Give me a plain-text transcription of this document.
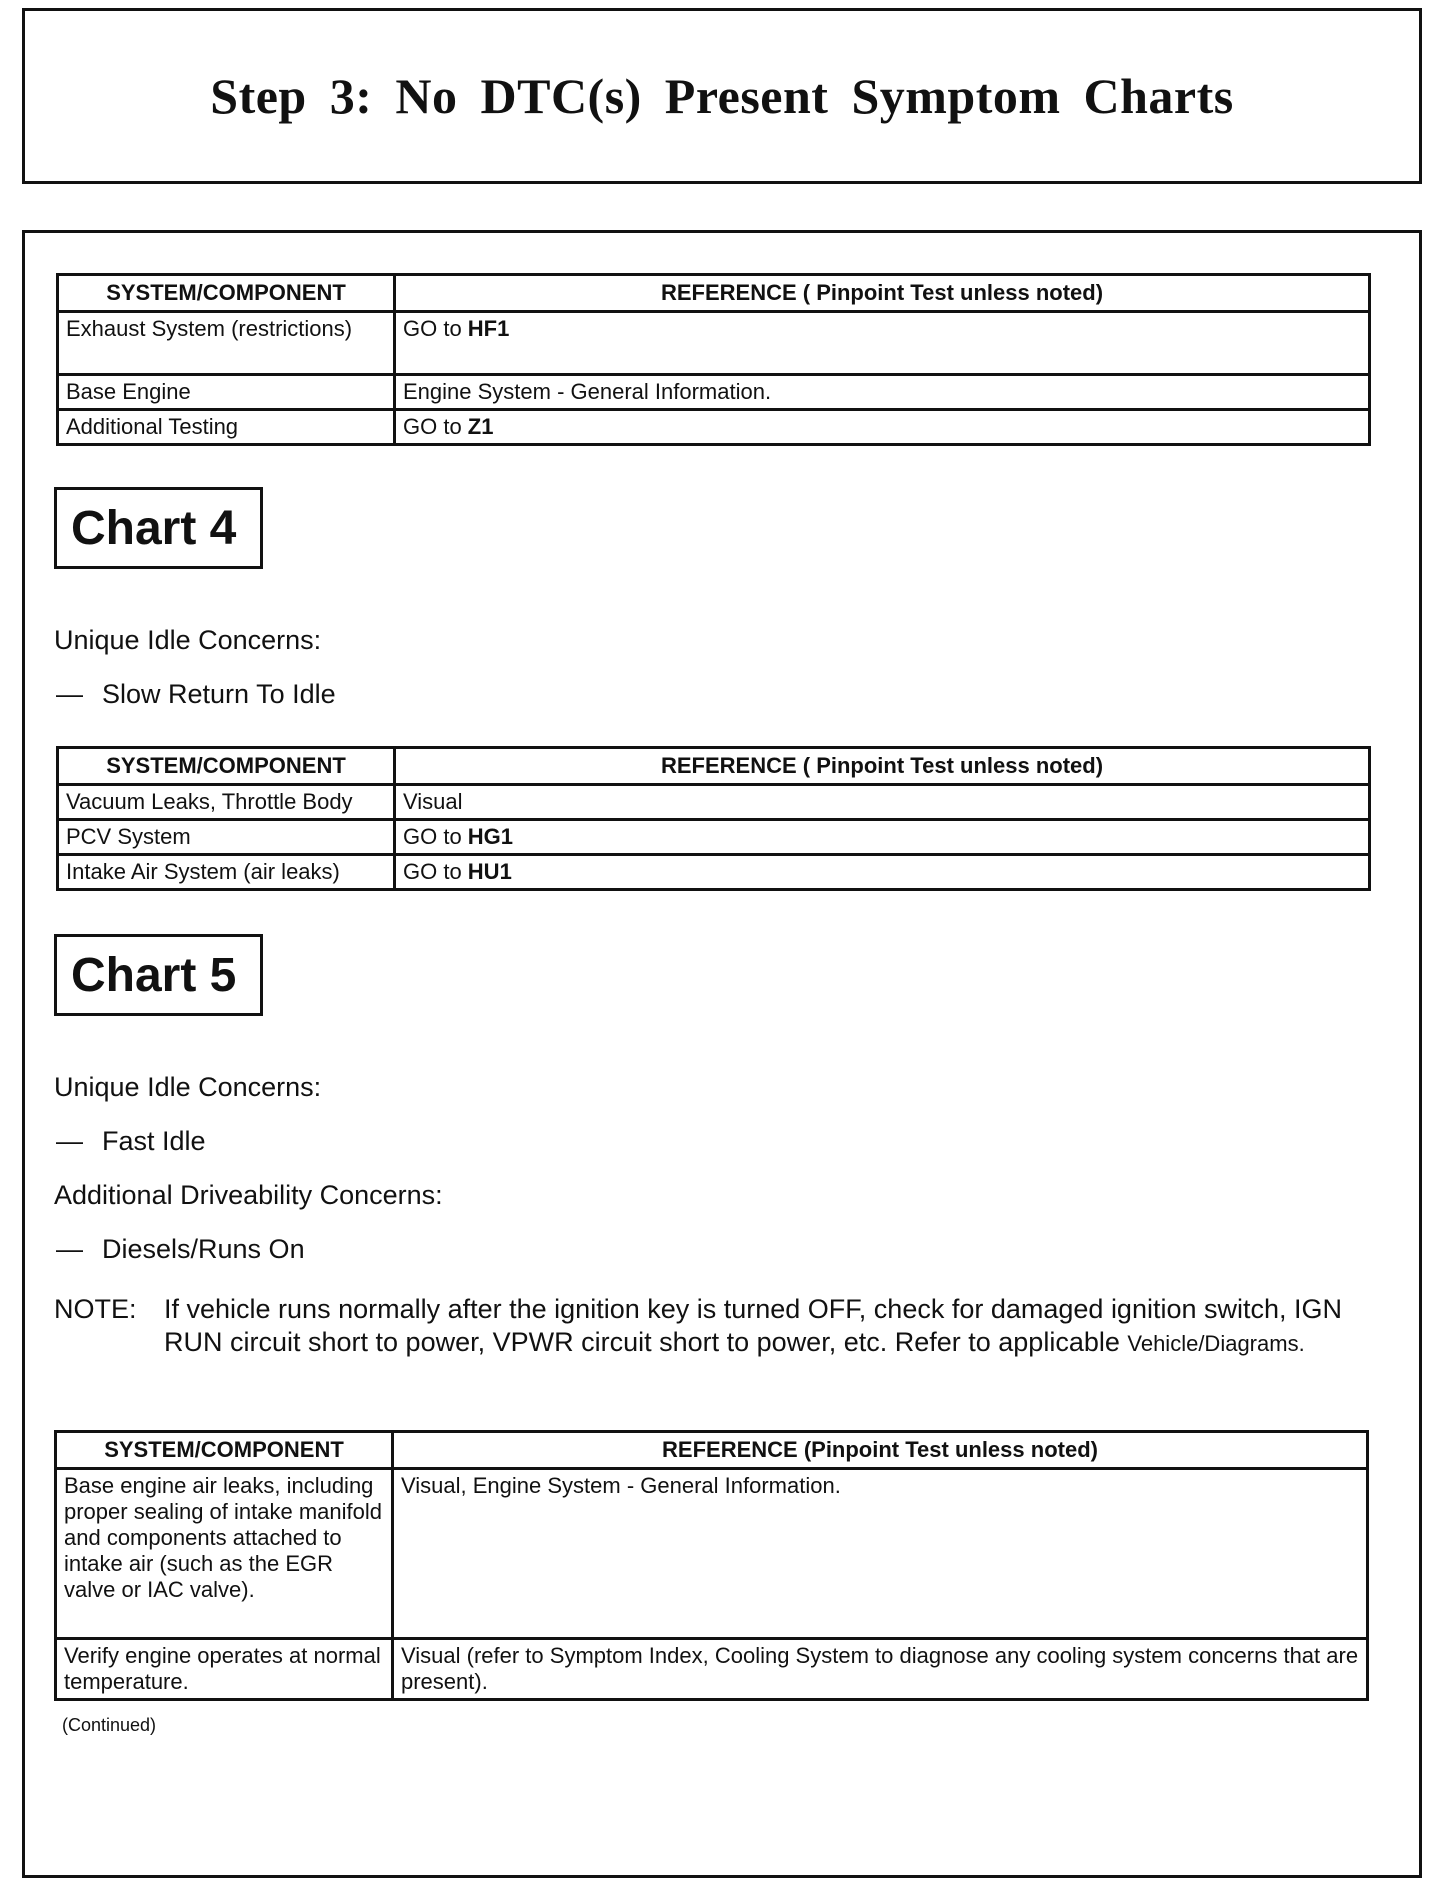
Step 3: No DTC(s) Present Symptom Charts
SYSTEM/COMPONENT	REFERENCE ( Pinpoint Test unless noted)
Exhaust System (restrictions)	GO to HF1
Base Engine	Engine System - General Information.
Additional Testing	GO to Z1
Chart 4
Unique Idle Concerns:
— Slow Return To Idle
SYSTEM/COMPONENT	REFERENCE ( Pinpoint Test unless noted)
Vacuum Leaks, Throttle Body	Visual
PCV System	GO to HG1
Intake Air System (air leaks)	GO to HU1
Chart 5
Unique Idle Concerns:
— Fast Idle
Additional Driveability Concerns:
— Diesels/Runs On
NOTE:	If vehicle runs normally after the ignition key is turned OFF, check for damaged ignition switch, IGN RUN circuit short to power, VPWR circuit short to power, etc. Refer to applicable Vehicle/Diagrams.
SYSTEM/COMPONENT	REFERENCE (Pinpoint Test unless noted)
Base engine air leaks, including proper sealing of intake manifold and components attached to intake air (such as the EGR valve or IAC valve).	Visual, Engine System - General Information.
Verify engine operates at normal temperature.	Visual (refer to Symptom Index, Cooling System to diagnose any cooling system concerns that are present).
(Continued)
